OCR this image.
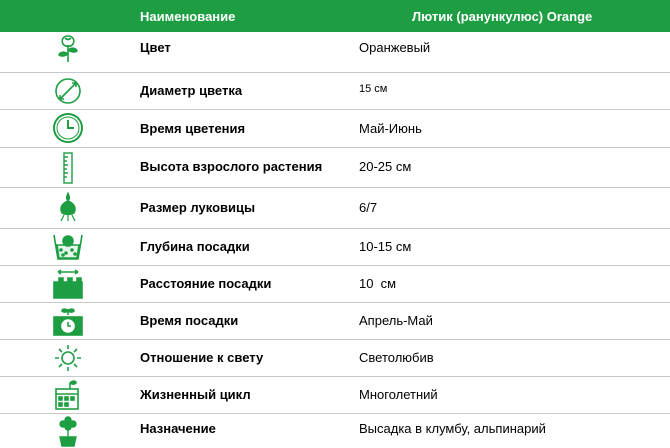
Наименование	Лютик (ранункулюс) Orange
Цвет	Оранжевый
Диаметр цветка	15 см
Время цветения	Май-Июнь
Высота взрослого растения	20-25 см
Размер луковицы	6/7
Глубина посадки	10-15 см
Расстояние посадки	10  см
Время посадки	Апрель-Май
Отношение к свету	Светолюбив
Жизненный цикл	Многолетний
Назначение	Высадка в клумбу, альпинарий
